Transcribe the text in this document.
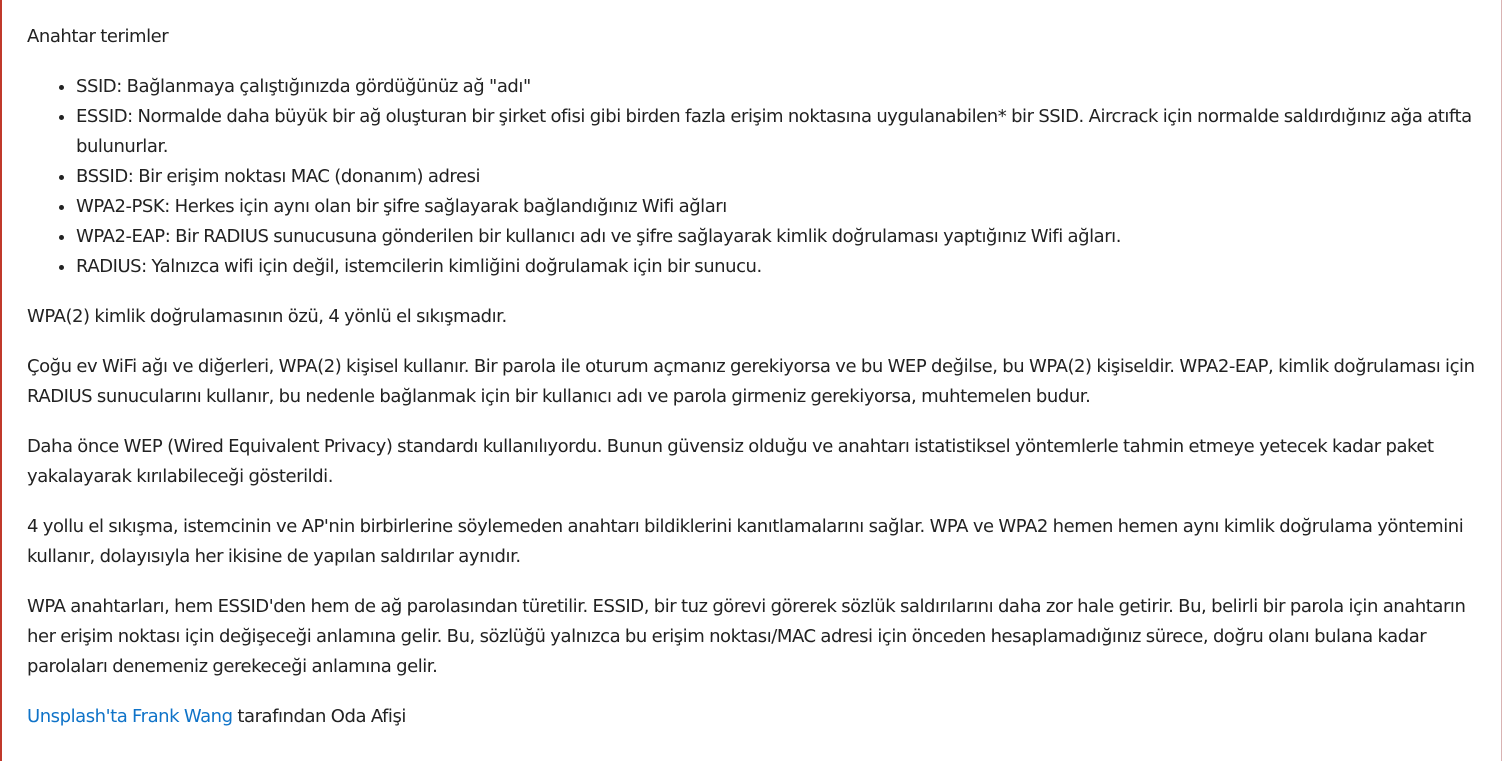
Anahtar terimler

• SSID: Bağlanmaya çalıştığınızda gördüğünüz ağ "adı"
• ESSID: Normalde daha büyük bir ağ oluşturan bir şirket ofisi gibi birden fazla erişim noktasına uygulanabilen* bir SSID. Aircrack için normalde saldırdığınız ağa atıfta bulunurlar.
• BSSID: Bir erişim noktası MAC (donanım) adresi
• WPA2-PSK: Herkes için aynı olan bir şifre sağlayarak bağlandığınız Wifi ağları
• WPA2-EAP: Bir RADIUS sunucusuna gönderilen bir kullanıcı adı ve şifre sağlayarak kimlik doğrulaması yaptığınız Wifi ağları.
• RADIUS: Yalnızca wifi için değil, istemcilerin kimliğini doğrulamak için bir sunucu.

WPA(2) kimlik doğrulamasının özü, 4 yönlü el sıkışmadır.

Çoğu ev WiFi ağı ve diğerleri, WPA(2) kişisel kullanır. Bir parola ile oturum açmanız gerekiyorsa ve bu WEP değilse, bu WPA(2) kişiseldir. WPA2-EAP, kimlik doğrulaması için RADIUS sunucularını kullanır, bu nedenle bağlanmak için bir kullanıcı adı ve parola girmeniz gerekiyorsa, muhtemelen budur.

Daha önce WEP (Wired Equivalent Privacy) standardı kullanılıyordu. Bunun güvensiz olduğu ve anahtarı istatistiksel yöntemlerle tahmin etmeye yetecek kadar paket yakalayarak kırılabileceği gösterildi.

4 yollu el sıkışma, istemcinin ve AP'nin birbirlerine söylemeden anahtarı bildiklerini kanıtlamalarını sağlar. WPA ve WPA2 hemen hemen aynı kimlik doğrulama yöntemini kullanır, dolayısıyla her ikisine de yapılan saldırılar aynıdır.

WPA anahtarları, hem ESSID'den hem de ağ parolasından türetilir. ESSID, bir tuz görevi görerek sözlük saldırılarını daha zor hale getirir. Bu, belirli bir parola için anahtarın her erişim noktası için değişeceği anlamına gelir. Bu, sözlüğü yalnızca bu erişim noktası/MAC adresi için önceden hesaplamadığınız sürece, doğru olanı bulana kadar parolaları denemeniz gerekeceği anlamına gelir.

Unsplash'ta Frank Wang tarafından Oda Afişi
